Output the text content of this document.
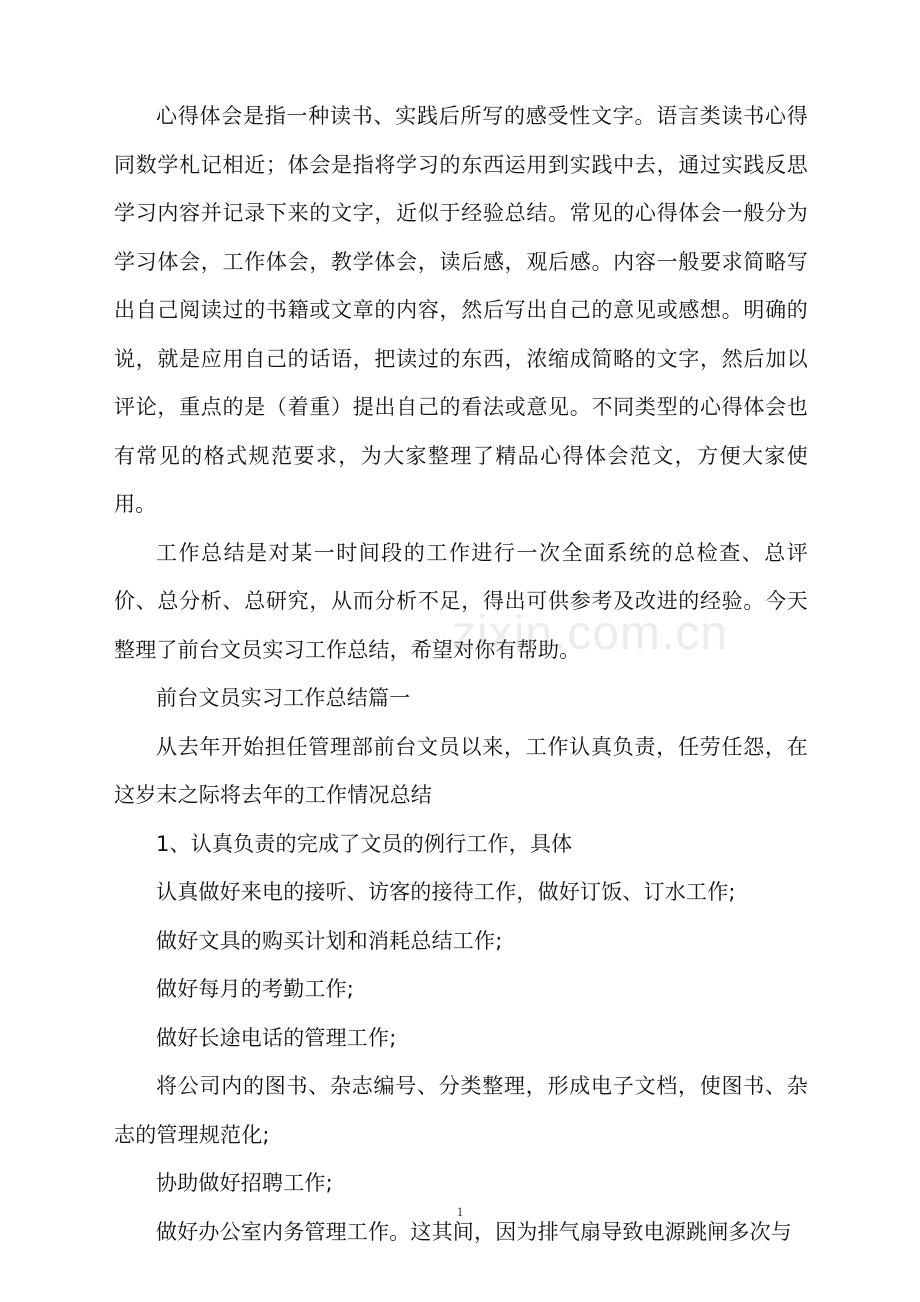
心得体会是指一种读书、实践后所写的感受性文字。语言类读书心得同数学札记相近；体会是指将学习的东西运用到实践中去，通过实践反思学习内容并记录下来的文字，近似于经验总结。常见的心得体会一般分为学习体会，工作体会，教学体会，读后感，观后感。内容一般要求简略写出自己阅读过的书籍或文章的内容，然后写出自己的意见或感想。明确的说，就是应用自己的话语，把读过的东西，浓缩成简略的文字，然后加以评论，重点的是（着重）提出自己的看法或意见。不同类型的心得体会也有常见的格式规范要求，为大家整理了精品心得体会范文，方便大家使用。

工作总结是对某一时间段的工作进行一次全面系统的总检查、总评价、总分析、总研究，从而分析不足，得出可供参考及改进的经验。今天整理了前台文员实习工作总结，希望对你有帮助。

前台文员实习工作总结篇一

从去年开始担任管理部前台文员以来，工作认真负责，任劳任怨，在这岁末之际将去年的工作情况总结

1、认真负责的完成了文员的例行工作，具体

认真做好来电的接听、访客的接待工作，做好订饭、订水工作;

做好文具的购买计划和消耗总结工作;

做好每月的考勤工作;

做好长途电话的管理工作;

将公司内的图书、杂志编号、分类整理，形成电子文档，使图书、杂志的管理规范化;

协助做好招聘工作;

做好办公室内务管理工作。这其间，因为排气扇导致电源跳闸多次与

zixin.com.cn
1
